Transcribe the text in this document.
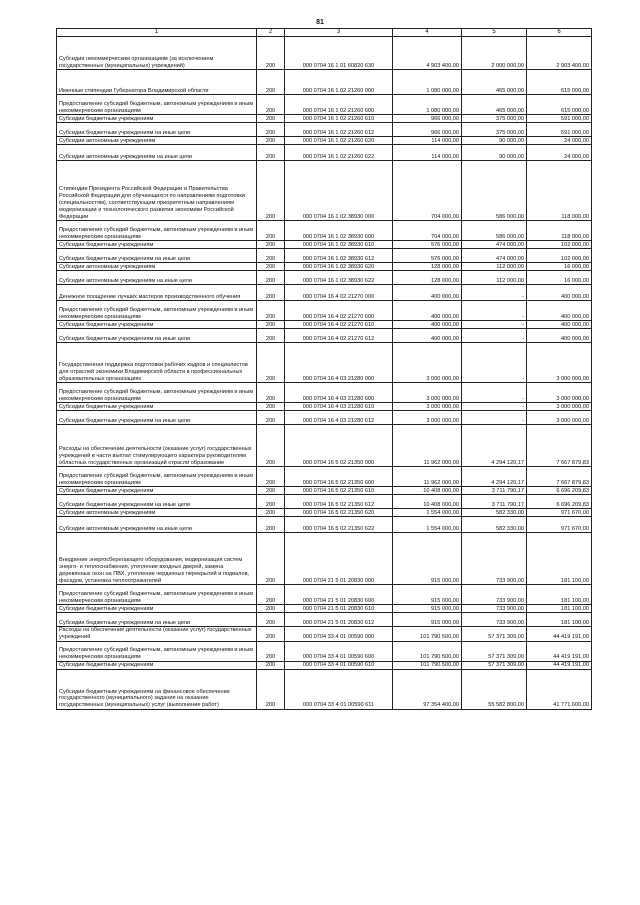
81
1	2	3	4	5	6
Субсидии некоммерческим организациям (за исключением государственных (муниципальных) учреждений)	200	000 0704 16 1 01 60820 630	4 903 400,00	2 000 000,00	2 903 400,00
Именные стипендии Губернатора Владимирской области	200	000 0704 16 1 02 21260 000	1 080 000,00	465 000,00	615 000,00
Предоставление субсидий бюджетным, автономным учреждениям и иным некоммерческим организациям	200	000 0704 16 1 02 21260 600	1 080 000,00	465 000,00	615 000,00
Субсидии бюджетным учреждениям	200	000 0704 16 1 02 21260 610	966 000,00	375 000,00	591 000,00
Субсидии бюджетным учреждениям на иные цели	200	000 0704 16 1 02 21260 612	966 000,00	375 000,00	591 000,00
Субсидии автономным учреждениям	200	000 0704 16 1 02 21260 620	114 000,00	90 000,00	24 000,00
Субсидии автономным учреждениям на иные цели	200	000 0704 16 1 02 21260 622	114 000,00	90 000,00	24 000,00
Стипендии Президента Российской Федерации и Правительства Российской Федерации для обучающихся по направлениям подготовки (специальностям), соответствующим приоритетным направлениям модернизации и технологического развития экономики Российской Федерации	200	000 0704 16 1 02 38930 000	704 000,00	586 000,00	118 000,00
Предоставление субсидий бюджетным, автономным учреждениям и иным некоммерческим организациям	200	000 0704 16 1 02 38930 600	704 000,00	586 000,00	118 000,00
Субсидии бюджетным учреждениям	200	000 0704 16 1 02 38930 610	576 000,00	474 000,00	102 000,00
Субсидии бюджетным учреждениям на иные цели	200	000 0704 16 1 02 38930 612	576 000,00	474 000,00	102 000,00
Субсидии автономным учреждениям	200	000 0704 16 1 02 38930 620	128 000,00	112 000,00	16 000,00
Субсидии автономным учреждениям на иные цели	200	000 0704 16 1 02 38930 622	128 000,00	112 000,00	16 000,00
Денежное поощрение лучших мастеров производственного обучения	200	000 0704 16 4 02 21270 000	400 000,00	-	400 000,00
Предоставление субсидий бюджетным, автономным учреждениям и иным некоммерческим организациям	200	000 0704 16 4 02 21270 600	400 000,00	-	400 000,00
Субсидии бюджетным учреждениям	200	000 0704 16 4 02 21270 610	400 000,00	-	400 000,00
Субсидии бюджетным учреждениям на иные цели	200	000 0704 16 4 02 21270 612	400 000,00	-	400 000,00
Государственная поддержка подготовки рабочих кадров и специалистов для отраслей экономики Владимирской области в профессиональных образовательных организациях	200	000 0704 16 4 03 21280 000	3 000 000,00	-	3 000 000,00
Предоставление субсидий бюджетным, автономным учреждениям и иным некоммерческим организациям	200	000 0704 16 4 03 21280 600	3 000 000,00	-	3 000 000,00
Субсидии бюджетным учреждениям	200	000 0704 16 4 03 21280 610	3 000 000,00	-	3 000 000,00
Субсидии бюджетным учреждениям на иные цели	200	000 0704 16 4 03 21280 612	3 000 000,00	-	3 000 000,00
Расходы на обеспечение деятельности (оказание услуг) государственных учреждений в части выплат стимулирующего характера руководителям областных государственных организаций отрасли образование	200	000 0704 16 5 02 21350 000	11 962 000,00	4 294 120,17	7 667 879,83
Предоставление субсидий бюджетным, автономным учреждениям и иным некоммерческим организациям	200	000 0704 16 5 02 21350 600	11 962 000,00	4 294 120,17	7 667 879,83
Субсидии бюджетным учреждениям	200	000 0704 16 5 02 21350 610	10 408 000,00	3 711 790,17	6 696 209,83
Субсидии бюджетным учреждениям на иные цели	200	000 0704 16 5 02 21350 612	10 408 000,00	3 711 790,17	6 696 209,83
Субсидии автономным учреждениям	200	000 0704 16 5 02 21350 620	1 554 000,00	582 330,00	971 670,00
Субсидии автономным учреждениям на иные цели	200	000 0704 16 5 02 21350 622	1 554 000,00	582 330,00	971 670,00
Внедрение энергосберегающего оборудования, модернизация систем энерго- и теплоснабжения, утепление входных дверей, замена деревянных окон на ПВХ, утепление чердачных перекрытий и подвалов, фасадов, установка теплоотражателей	200	000 0704 21 5 01 20830 000	915 000,00	733 900,00	181 100,00
Предоставление субсидий бюджетным, автономным учреждениям и иным некоммерческим организациям	200	000 0704 21 5 01 20830 600	915 000,00	733 900,00	181 100,00
Субсидии бюджетным учреждениям	200	000 0704 21 5 01 20830 610	915 000,00	733 900,00	181 100,00
Субсидии бюджетным учреждениям на иные цели	200	000 0704 21 5 01 20830 612	915 000,00	733 900,00	181 100,00
Расходы на обеспечение деятельности (оказание услуг) государственных учреждений	200	000 0704 33 4 01 00590 000	101 790 500,00	57 371 309,00	44 419 191,00
Предоставление субсидий бюджетным, автономным учреждениям и иным некоммерческим организациям	200	000 0704 33 4 01 00590 600	101 790 500,00	57 371 309,00	44 419 191,00
Субсидии бюджетным учреждениям	200	000 0704 33 4 01 00590 610	101 790 500,00	57 371 309,00	44 419 191,00
Субсидии бюджетным учреждениям на финансовое обеспечение государственного (муниципального) задания на оказание государственных (муниципальных) услуг (выполнение работ)	200	000 0704 33 4 01 00590 611	97 354 400,00	55 582 800,00	41 771 600,00
